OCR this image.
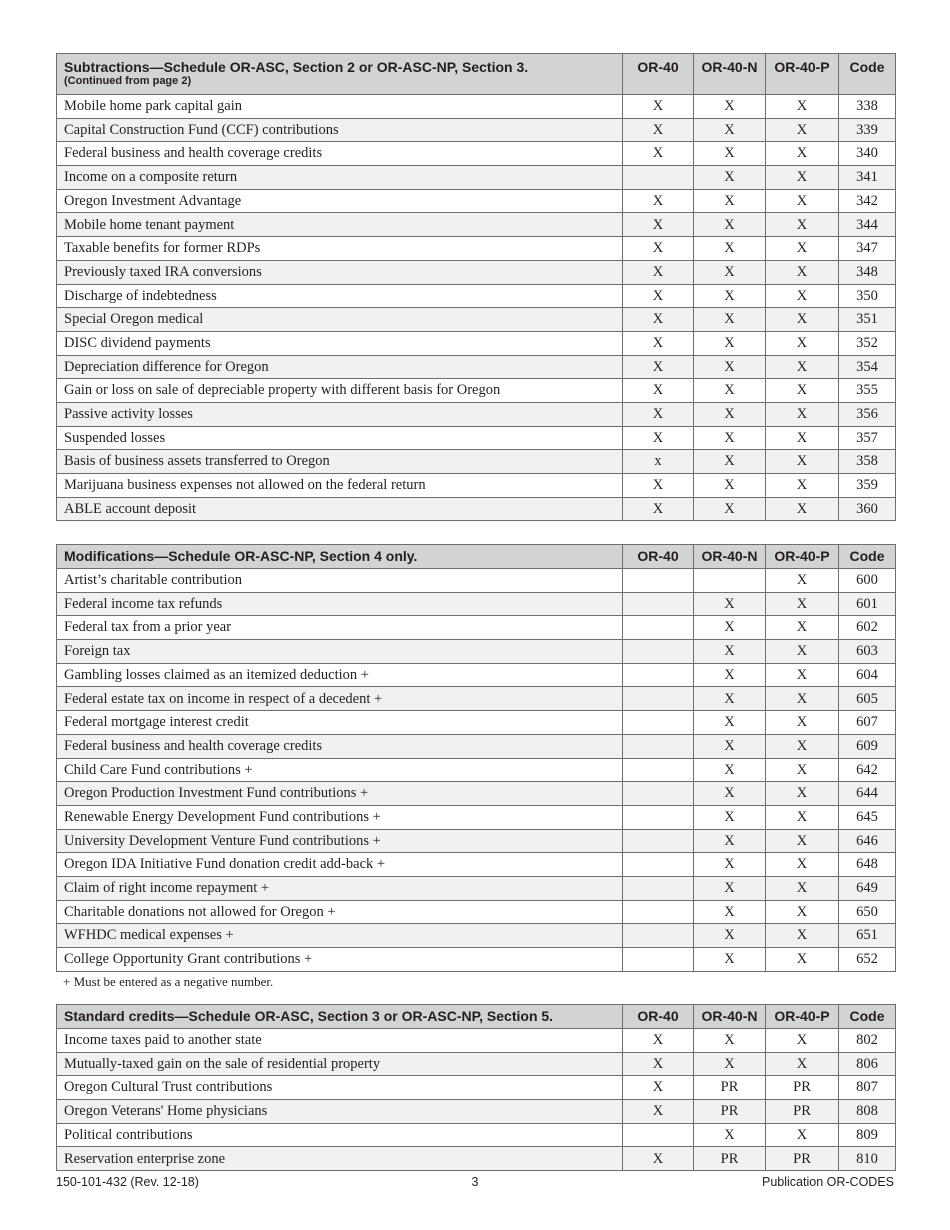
Subtractions—Schedule OR-ASC, Section 2 or OR-ASC-NP, Section 3.
(Continued from page 2)	OR-40	OR-40-N	OR-40-P	Code
Mobile home park capital gain	X	X	X	338
Capital Construction Fund (CCF) contributions	X	X	X	339
Federal business and health coverage credits	X	X	X	340
Income on a composite return		X	X	341
Oregon Investment Advantage	X	X	X	342
Mobile home tenant payment	X	X	X	344
Taxable benefits for former RDPs	X	X	X	347
Previously taxed IRA conversions	X	X	X	348
Discharge of indebtedness	X	X	X	350
Special Oregon medical	X	X	X	351
DISC dividend payments	X	X	X	352
Depreciation difference for Oregon	X	X	X	354
Gain or loss on sale of depreciable property with different basis for Oregon	X	X	X	355
Passive activity losses	X	X	X	356
Suspended losses	X	X	X	357
Basis of business assets transferred to Oregon	x	X	X	358
Marijuana business expenses not allowed on the federal return	X	X	X	359
ABLE account deposit	X	X	X	360
Modifications—Schedule OR-ASC-NP, Section 4 only.	OR-40	OR-40-N	OR-40-P	Code
Artist’s charitable contribution			X	600
Federal income tax refunds		X	X	601
Federal tax from a prior year		X	X	602
Foreign tax		X	X	603
Gambling losses claimed as an itemized deduction +		X	X	604
Federal estate tax on income in respect of a decedent +		X	X	605
Federal mortgage interest credit		X	X	607
Federal business and health coverage credits		X	X	609
Child Care Fund contributions +		X	X	642
Oregon Production Investment Fund contributions +		X	X	644
Renewable Energy Development Fund contributions +		X	X	645
University Development Venture Fund contributions +		X	X	646
Oregon IDA Initiative Fund donation credit add-back +		X	X	648
Claim of right income repayment +		X	X	649
Charitable donations not allowed for Oregon +		X	X	650
WFHDC medical expenses +		X	X	651
College Opportunity Grant contributions +		X	X	652
+ Must be entered as a negative number.
Standard credits—Schedule OR-ASC, Section 3 or OR-ASC-NP, Section 5.	OR-40	OR-40-N	OR-40-P	Code
Income taxes paid to another state	X	X	X	802
Mutually-taxed gain on the sale of residential property	X	X	X	806
Oregon Cultural Trust contributions	X	PR	PR	807
Oregon Veterans' Home physicians	X	PR	PR	808
Political contributions		X	X	809
Reservation enterprise zone	X	PR	PR	810
150-101-432 (Rev. 12-18)	3	Publication OR-CODES
